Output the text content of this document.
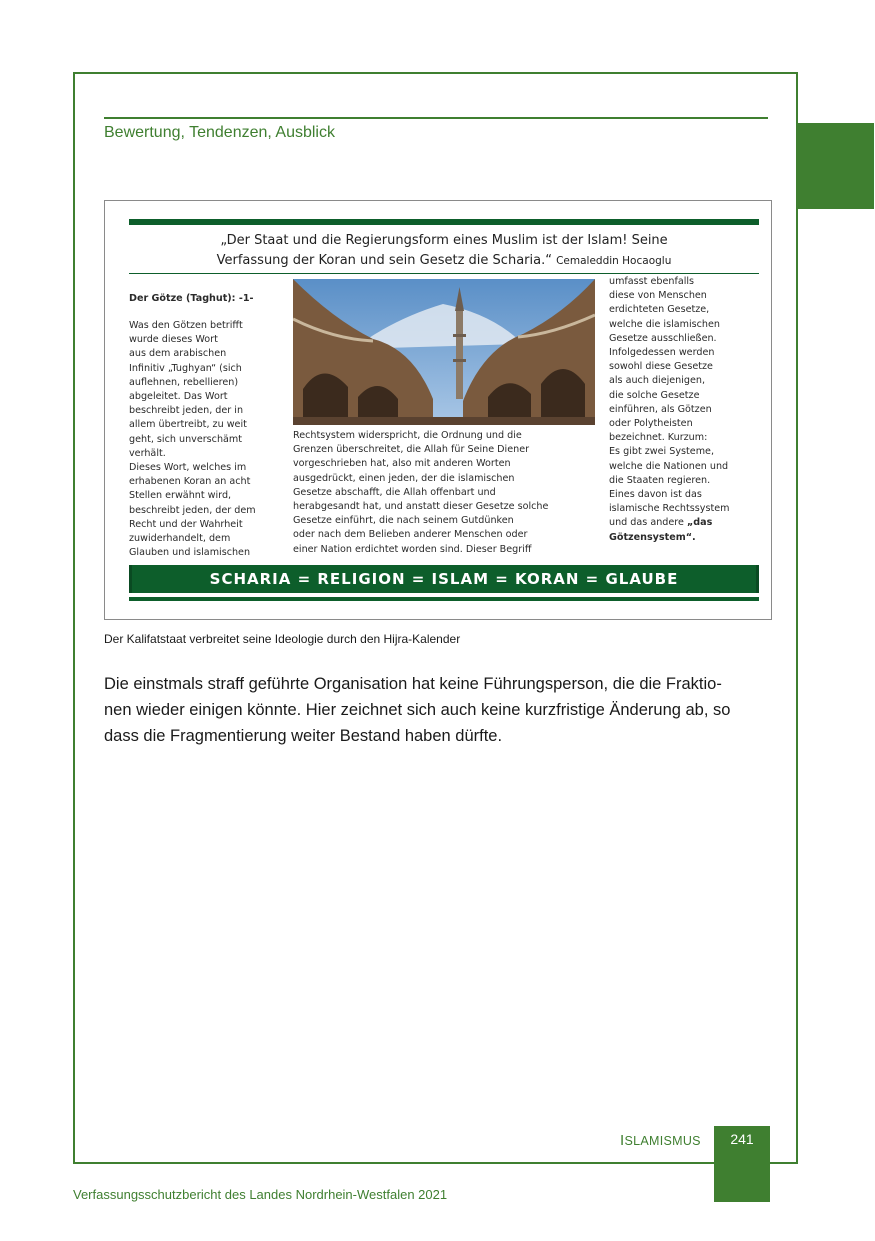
Bewertung, Tendenzen, Ausblick
„Der Staat und die Regierungsform eines Muslim ist der Islam! Seine
Verfassung der Koran und sein Gesetz die Scharia.“ Cemaleddin Hocaoglu
Der Götze (Taghut): -1-
Was den Götzen betrifft
wurde dieses Wort
aus dem arabischen
Infinitiv „Tughyan“ (sich
auflehnen, rebellieren)
abgeleitet. Das Wort
beschreibt jeden, der in
allem übertreibt, zu weit
geht, sich unverschämt
verhält.
Dieses Wort, welches im
erhabenen Koran an acht
Stellen erwähnt wird,
beschreibt jeden, der dem
Recht und der Wahrheit
zuwiderhandelt, dem
Glauben und islamischen
Rechtsystem widerspricht, die Ordnung und die
Grenzen überschreitet, die Allah für Seine Diener
vorgeschrieben hat, also mit anderen Worten
ausgedrückt, einen jeden, der die islamischen
Gesetze abschafft, die Allah offenbart und
herabgesandt hat, und anstatt dieser Gesetze solche
Gesetze einführt, die nach seinem Gutdünken
oder nach dem Belieben anderer Menschen oder
einer Nation erdichtet worden sind. Dieser Begriff
umfasst ebenfalls
diese von Menschen
erdichteten Gesetze,
welche die islamischen
Gesetze ausschließen.
Infolgedessen werden
sowohl diese Gesetze
als auch diejenigen,
die solche Gesetze
einführen, als Götzen
oder Polytheisten
bezeichnet. Kurzum:
Es gibt zwei Systeme,
welche die Nationen und
die Staaten regieren.
Eines davon ist das
islamische Rechtssystem
und das andere „das Götzensystem“.
SCHARIA = RELIGION = ISLAM = KORAN = GLAUBE
Der Kalifatstaat verbreitet seine Ideologie durch den Hijra-Kalender
Die einstmals straff geführte Organisation hat keine Führungsperson, die die Fraktio-
nen wieder einigen könnte. Hier zeichnet sich auch keine kurzfristige Änderung ab, so
dass die Fragmentierung weiter Bestand haben dürfte.
ISLAMISMUS	241
Verfassungsschutzbericht des Landes Nordrhein-Westfalen 2021
